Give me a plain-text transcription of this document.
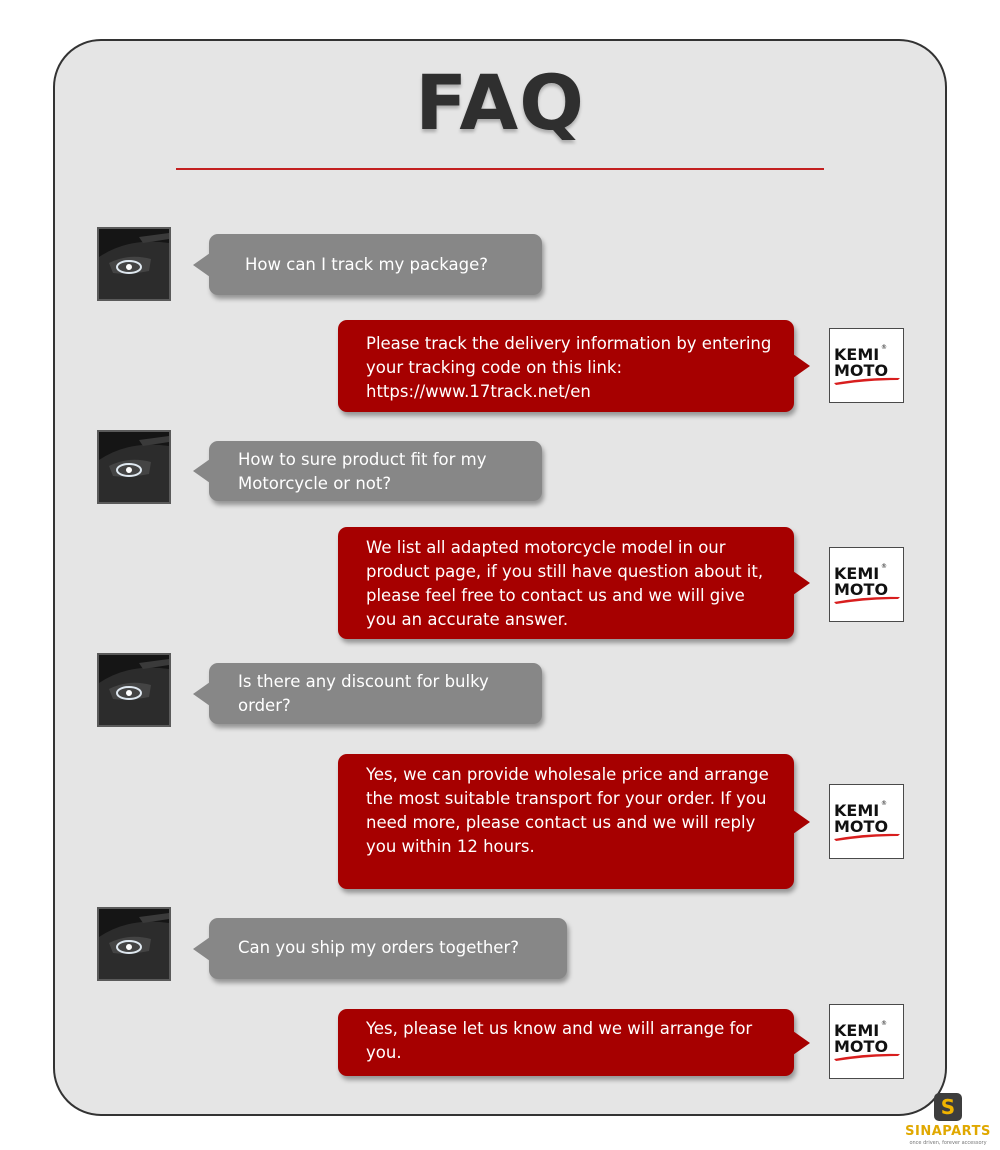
FAQ
How can I track my package?
Please track the delivery information by entering your tracking code on this link: https://www.17track.net/en
KEMI ®
MOTO
How to sure product fit for my Motorcycle or not?
We list all adapted motorcycle model in our product page, if you still have question about it, please feel free to contact us and we will give you an accurate answer.
KEMI ®
MOTO
Is there any discount for bulky order?
Yes, we can provide wholesale price and arrange the most suitable transport for your order. If you need more, please contact us and we will reply you within 12 hours.
KEMI ®
MOTO
Can you ship my orders together?
Yes, please let us know and we will arrange for you.
KEMI ®
MOTO
S
SINAPARTS
once driven, forever accessory
